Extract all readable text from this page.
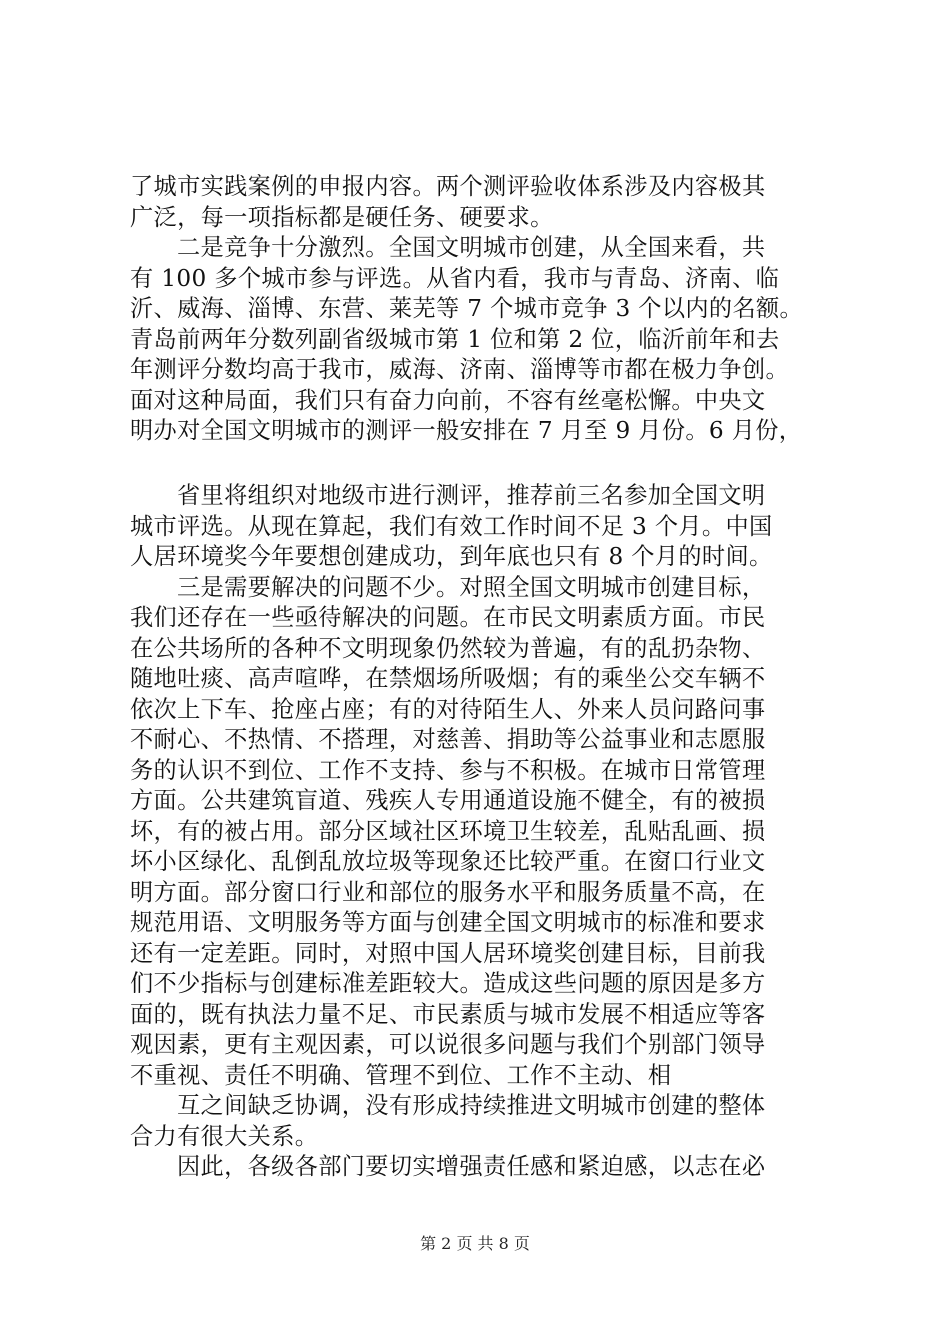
了城市实践案例的申报内容。两个测评验收体系涉及内容极其

广泛，每一项指标都是硬任务、硬要求。

二是竞争十分激烈。全国文明城市创建，从全国来看，共

有 100 多个城市参与评选。从省内看，我市与青岛、济南、临

沂、威海、淄博、东营、莱芜等 7 个城市竞争 3 个以内的名额。

青岛前两年分数列副省级城市第 1 位和第 2 位，临沂前年和去

年测评分数均高于我市，威海、济南、淄博等市都在极力争创。

面对这种局面，我们只有奋力向前，不容有丝毫松懈。中央文

明办对全国文明城市的测评一般安排在 7 月至 9 月份。6 月份，

省里将组织对地级市进行测评，推荐前三名参加全国文明

城市评选。从现在算起，我们有效工作时间不足 3 个月。中国

人居环境奖今年要想创建成功，到年底也只有 8 个月的时间。

三是需要解决的问题不少。对照全国文明城市创建目标，

我们还存在一些亟待解决的问题。在市民文明素质方面。市民

在公共场所的各种不文明现象仍然较为普遍，有的乱扔杂物、

随地吐痰、高声喧哗，在禁烟场所吸烟；有的乘坐公交车辆不

依次上下车、抢座占座；有的对待陌生人、外来人员问路问事

不耐心、不热情、不搭理，对慈善、捐助等公益事业和志愿服

务的认识不到位、工作不支持、参与不积极。在城市日常管理

方面。公共建筑盲道、残疾人专用通道设施不健全，有的被损

坏，有的被占用。部分区域社区环境卫生较差，乱贴乱画、损

坏小区绿化、乱倒乱放垃圾等现象还比较严重。在窗口行业文

明方面。部分窗口行业和部位的服务水平和服务质量不高，在

规范用语、文明服务等方面与创建全国文明城市的标准和要求

还有一定差距。同时，对照中国人居环境奖创建目标，目前我

们不少指标与创建标准差距较大。造成这些问题的原因是多方

面的，既有执法力量不足、市民素质与城市发展不相适应等客

观因素，更有主观因素，可以说很多问题与我们个别部门领导

不重视、责任不明确、管理不到位、工作不主动、相

互之间缺乏协调，没有形成持续推进文明城市创建的整体

合力有很大关系。

因此，各级各部门要切实增强责任感和紧迫感，以志在必

第 2 页 共 8 页
